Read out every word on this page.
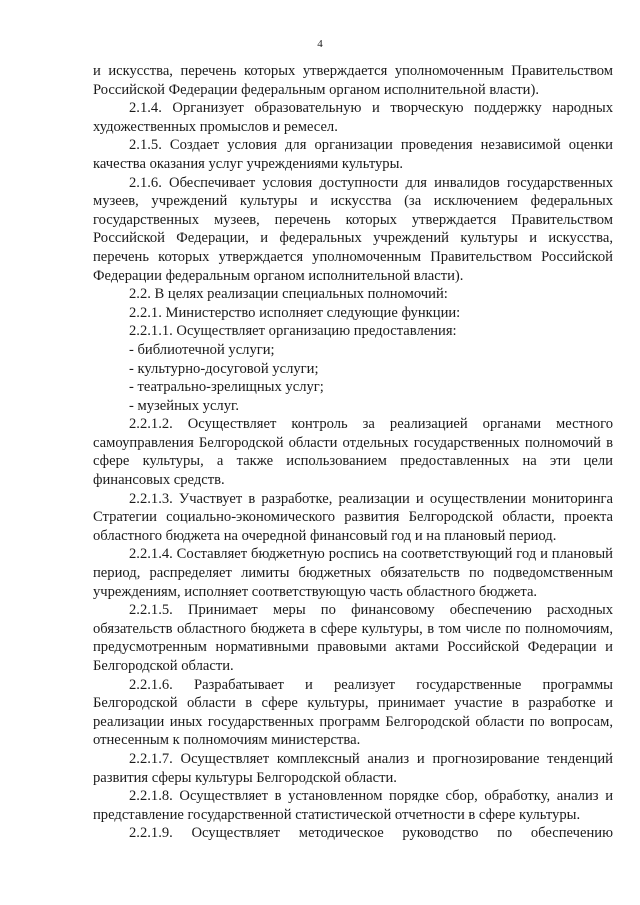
4

и искусства, перечень которых утверждается уполномоченным Правительством Российской Федерации федеральным органом исполнительной власти).

2.1.4. Организует образовательную и творческую поддержку народных художественных промыслов и ремесел.

2.1.5. Создает условия для организации проведения независимой оценки качества оказания услуг учреждениями культуры.

2.1.6. Обеспечивает условия доступности для инвалидов государственных музеев, учреждений культуры и искусства (за исключением федеральных государственных музеев, перечень которых утверждается Правительством Российской Федерации, и федеральных учреждений культуры и искусства, перечень которых утверждается уполномоченным Правительством Российской Федерации федеральным органом исполнительной власти).

2.2. В целях реализации специальных полномочий:

2.2.1. Министерство исполняет следующие функции:

2.2.1.1. Осуществляет организацию предоставления:

- библиотечной услуги;

- культурно-досуговой услуги;

- театрально-зрелищных услуг;

- музейных услуг.

2.2.1.2. Осуществляет контроль за реализацией органами местного самоуправления Белгородской области отдельных государственных полномочий в сфере культуры, а также использованием предоставленных на эти цели финансовых средств.

2.2.1.3. Участвует в разработке, реализации и осуществлении мониторинга Стратегии социально-экономического развития Белгородской области, проекта областного бюджета на очередной финансовый год и на плановый период.

2.2.1.4. Составляет бюджетную роспись на соответствующий год и плановый период, распределяет лимиты бюджетных обязательств по подведомственным учреждениям, исполняет соответствующую часть областного бюджета.

2.2.1.5. Принимает меры по финансовому обеспечению расходных обязательств областного бюджета в сфере культуры, в том числе по полномочиям, предусмотренным нормативными правовыми актами Российской Федерации и Белгородской области.

2.2.1.6. Разрабатывает и реализует государственные программы Белгородской области в сфере культуры, принимает участие в разработке и реализации иных государственных программ Белгородской области по вопросам, отнесенным к полномочиям министерства.

2.2.1.7. Осуществляет комплексный анализ и прогнозирование тенденций развития сферы культуры Белгородской области.

2.2.1.8. Осуществляет в установленном порядке сбор, обработку, анализ и представление государственной статистической отчетности в сфере культуры.

2.2.1.9. Осуществляет методическое руководство по обеспечению
